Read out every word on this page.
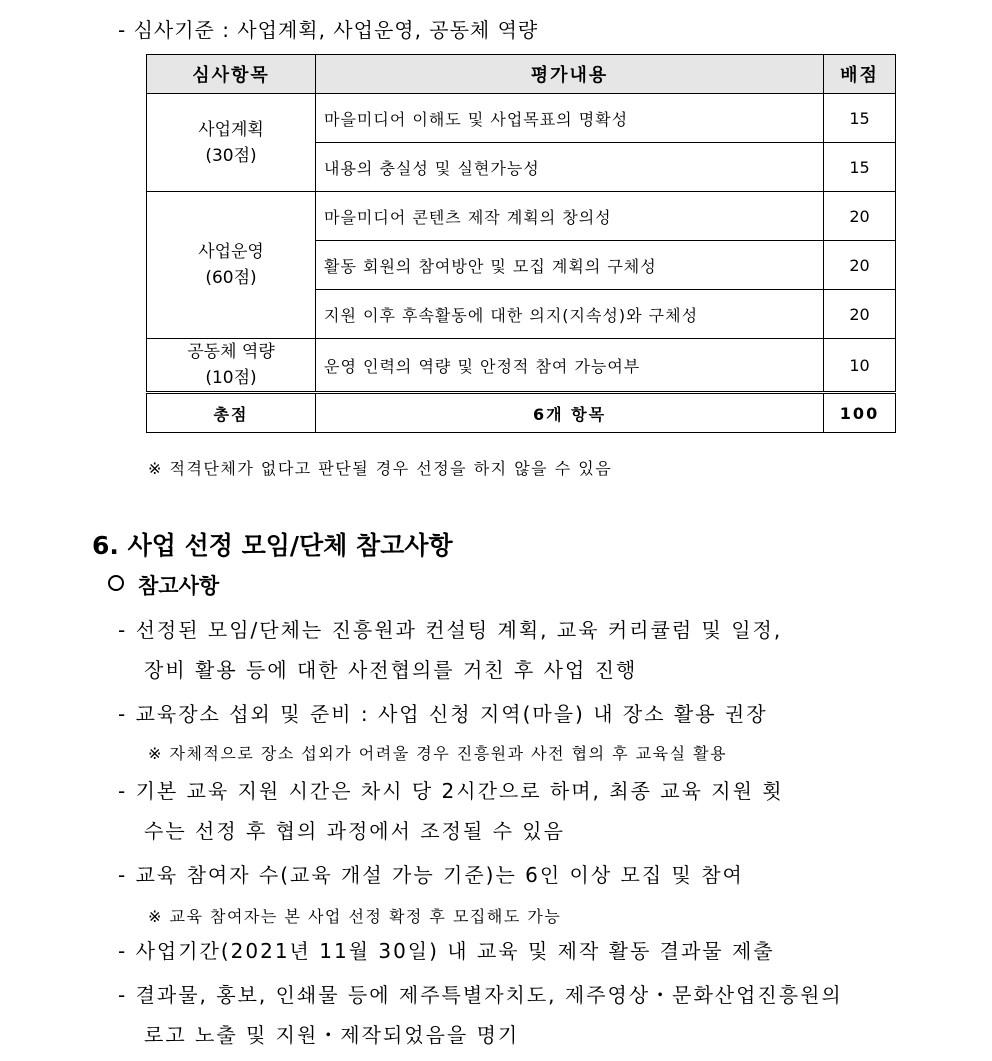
- 심사기준 : 사업계획, 사업운영, 공동체 역량
심사항목	평가내용	배점

사업계획
(30점)	마을미디어 이해도 및 사업목표의 명확성	15
	내용의 충실성 및 실현가능성	15

사업운영
(60점)	마을미디어 콘텐츠 제작 계획의 창의성	20
	활동 회원의 참여방안 및 모집 계획의 구체성	20
	지원 이후 후속활동에 대한 의지(지속성)와 구체성	20

공동체 역량
(10점)	운영 인력의 역량 및 안정적 참여 가능여부	10
총점	6개 항목	100
※ 적격단체가 없다고 판단될 경우 선정을 하지 않을 수 있음
6. 사업 선정 모임/단체 참고사항
참고사항
- 선정된 모임/단체는 진흥원과 컨설팅 계획, 교육 커리큘럼 및 일정,
장비 활용 등에 대한 사전협의를 거친 후 사업 진행
- 교육장소 섭외 및 준비 : 사업 신청 지역(마을) 내 장소 활용 권장
※ 자체적으로 장소 섭외가 어려울 경우 진흥원과 사전 협의 후 교육실 활용
- 기본 교육 지원 시간은 차시 당 2시간으로 하며, 최종 교육 지원 횟
수는 선정 후 협의 과정에서 조정될 수 있음
- 교육 참여자 수(교육 개설 가능 기준)는 6인 이상 모집 및 참여
※ 교육 참여자는 본 사업 선정 확정 후 모집해도 가능
- 사업기간(2021년 11월 30일) 내 교육 및 제작 활동 결과물 제출
- 결과물, 홍보, 인쇄물 등에 제주특별자치도, 제주영상・문화산업진흥원의
로고 노출 및 지원・제작되었음을 명기
